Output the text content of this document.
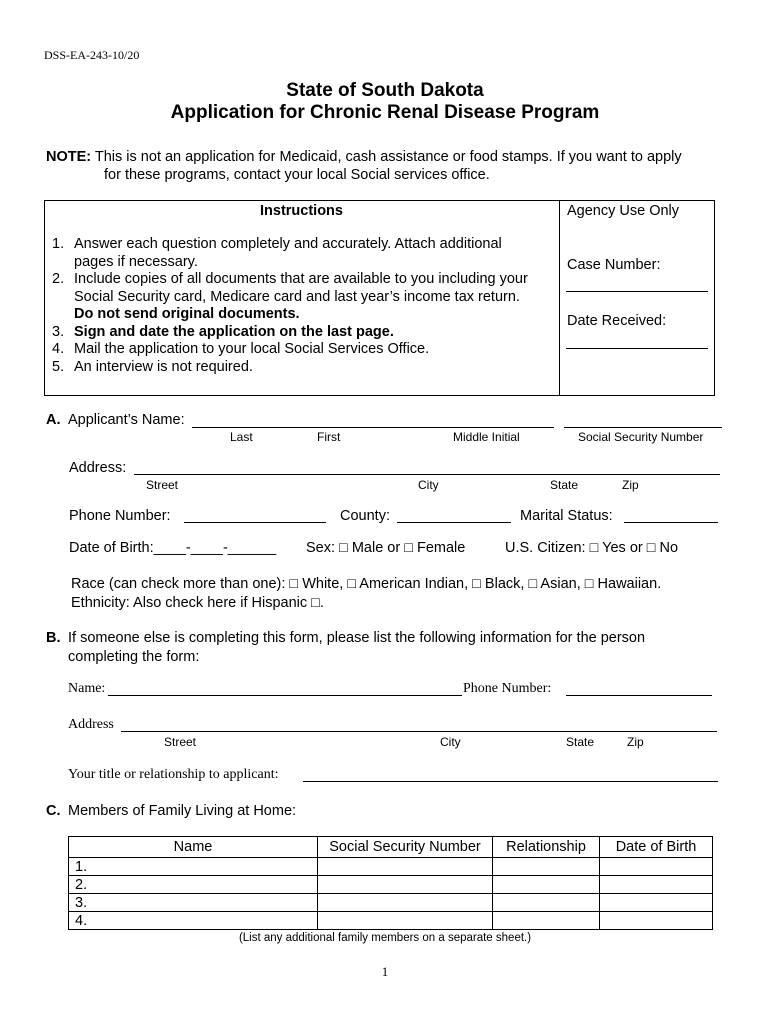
DSS-EA-243-10/20
State of South Dakota
Application for Chronic Renal Disease Program
NOTE: This is not an application for Medicaid, cash assistance or food stamps. If you want to apply
for these programs, contact your local Social services office.
Instructions
1. Answer each question completely and accurately. Attach additional
pages if necessary.
2. Include copies of all documents that are available to you including your
Social Security card, Medicare card and last year’s income tax return.
Do not send original documents.
3. Sign and date the application on the last page.
4. Mail the application to your local Social Services Office.
5. An interview is not required.
Agency Use Only
Case Number:
Date Received:
A. Applicant’s Name:
Last	First	Middle Initial	Social Security Number
Address:
Street	City	State	Zip
Phone Number:	County:	Marital Status:
Date of Birth:____-____-______ Sex: □ Male or □ Female	U.S. Citizen: □ Yes or □ No
Race (can check more than one): □ White, □ American Indian, □ Black, □ Asian, □ Hawaiian.
Ethnicity: Also check here if Hispanic □.
B. If someone else is completing this form, please list the following information for the person
completing the form:
Name:	Phone Number:
Address
Street	City	State	Zip
Your title or relationship to applicant:
C. Members of Family Living at Home:
Name	Social Security Number	Relationship	Date of Birth
1.			
2.			
3.			
4.			
(List any additional family members on a separate sheet.)
1
